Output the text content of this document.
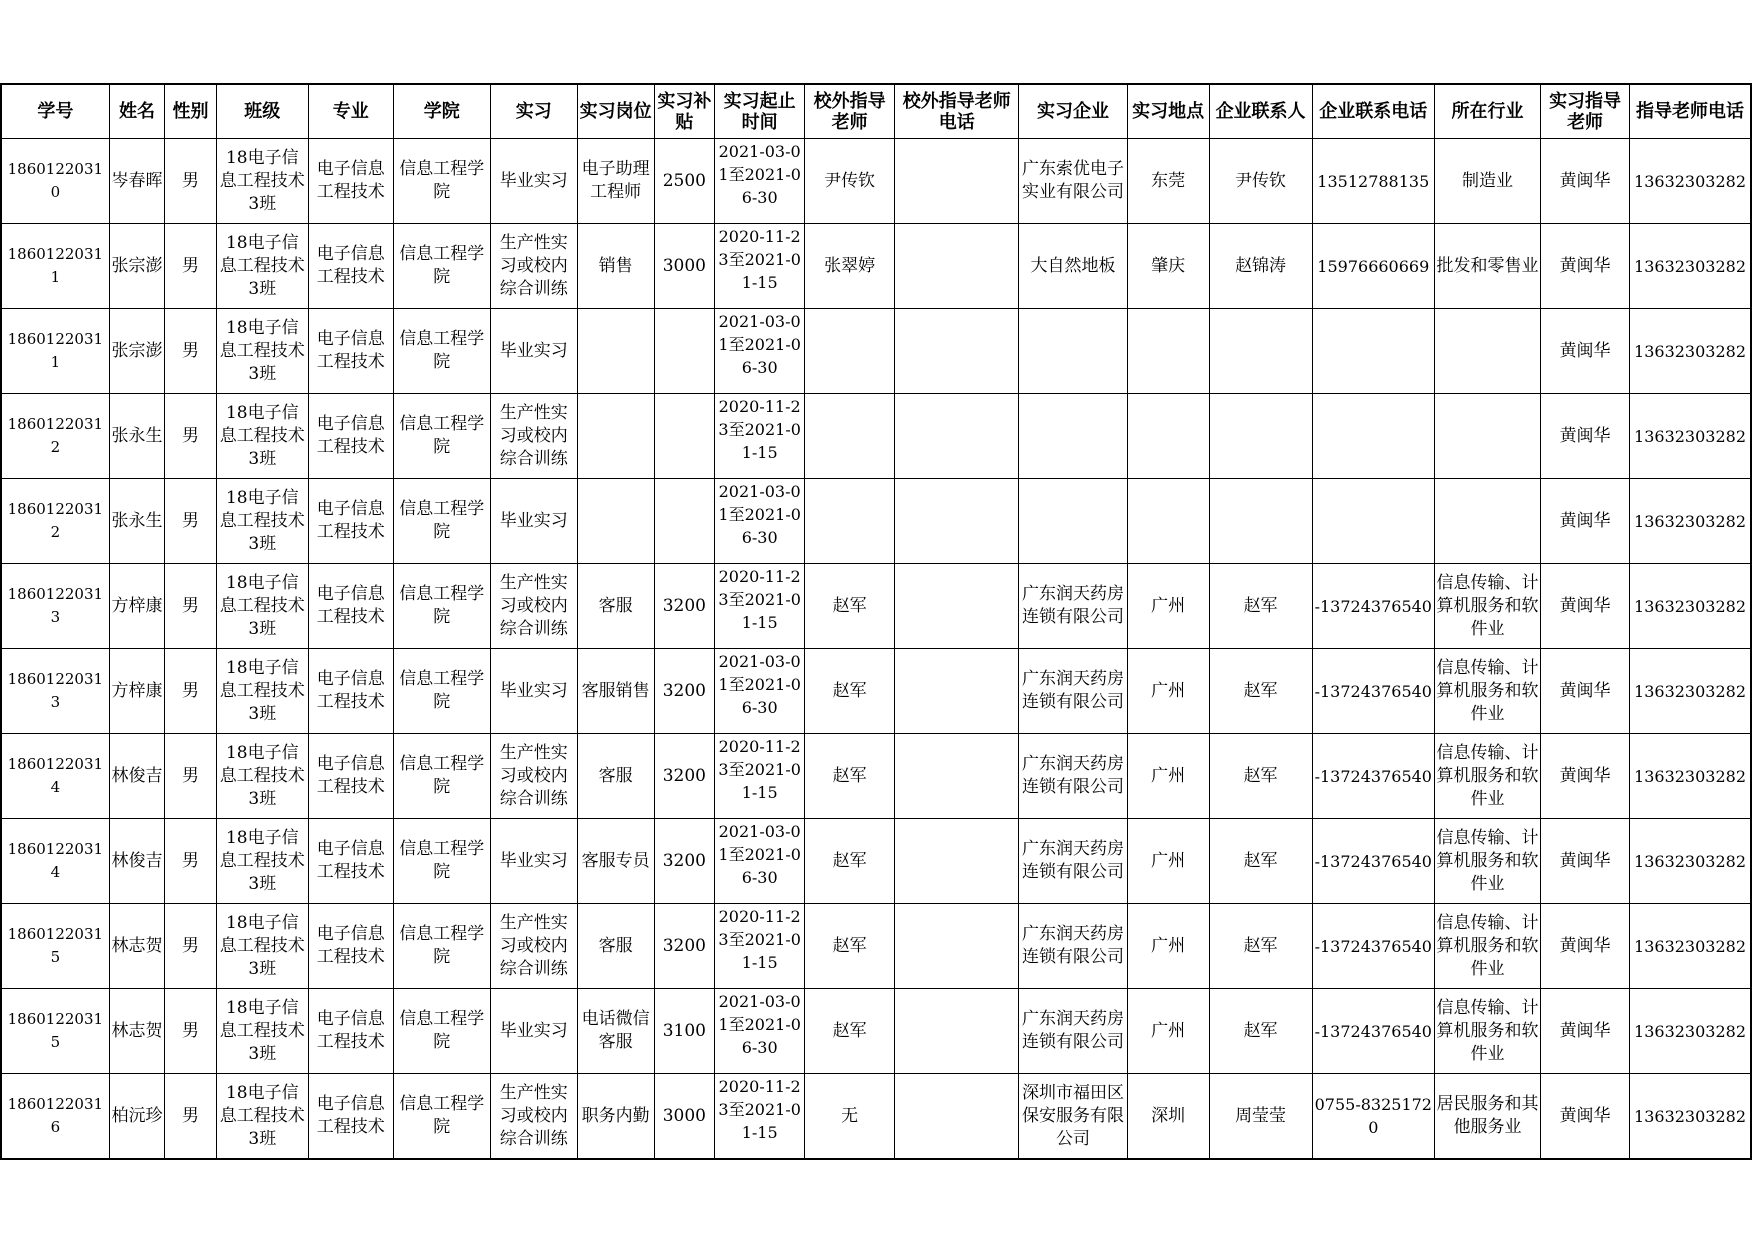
学号	姓名	性别	班级	专业	学院	实习	实习岗位	实习补贴	实习起止时间	校外指导老师	校外指导老师电话	实习企业	实习地点	企业联系人	企业联系电话	所在行业	实习指导老师	指导老师电话
18601220310	岑春晖	男	18电子信息工程技术3班	电子信息工程技术	信息工程学院	毕业实习	电子助理工程师	2500	2021-03-01至2021-06-30	尹传钦		广东索优电子实业有限公司	东莞	尹传钦	13512788135	制造业	黄闽华	13632303282
18601220311	张宗澎	男	18电子信息工程技术3班	电子信息工程技术	信息工程学院	生产性实习或校内综合训练	销售	3000	2020-11-23至2021-01-15	张翠婷		大自然地板	肇庆	赵锦涛	15976660669	批发和零售业	黄闽华	13632303282
18601220311	张宗澎	男	18电子信息工程技术3班	电子信息工程技术	信息工程学院	毕业实习			2021-03-01至2021-06-30								黄闽华	13632303282
18601220312	张永生	男	18电子信息工程技术3班	电子信息工程技术	信息工程学院	生产性实习或校内综合训练			2020-11-23至2021-01-15								黄闽华	13632303282
18601220312	张永生	男	18电子信息工程技术3班	电子信息工程技术	信息工程学院	毕业实习			2021-03-01至2021-06-30								黄闽华	13632303282
18601220313	方梓康	男	18电子信息工程技术3班	电子信息工程技术	信息工程学院	生产性实习或校内综合训练	客服	3200	2020-11-23至2021-01-15	赵军		广东润天药房连锁有限公司	广州	赵军	-13724376540	信息传输、计算机服务和软件业	黄闽华	13632303282
18601220313	方梓康	男	18电子信息工程技术3班	电子信息工程技术	信息工程学院	毕业实习	客服销售	3200	2021-03-01至2021-06-30	赵军		广东润天药房连锁有限公司	广州	赵军	-13724376540	信息传输、计算机服务和软件业	黄闽华	13632303282
18601220314	林俊吉	男	18电子信息工程技术3班	电子信息工程技术	信息工程学院	生产性实习或校内综合训练	客服	3200	2020-11-23至2021-01-15	赵军		广东润天药房连锁有限公司	广州	赵军	-13724376540	信息传输、计算机服务和软件业	黄闽华	13632303282
18601220314	林俊吉	男	18电子信息工程技术3班	电子信息工程技术	信息工程学院	毕业实习	客服专员	3200	2021-03-01至2021-06-30	赵军		广东润天药房连锁有限公司	广州	赵军	-13724376540	信息传输、计算机服务和软件业	黄闽华	13632303282
18601220315	林志贺	男	18电子信息工程技术3班	电子信息工程技术	信息工程学院	生产性实习或校内综合训练	客服	3200	2020-11-23至2021-01-15	赵军		广东润天药房连锁有限公司	广州	赵军	-13724376540	信息传输、计算机服务和软件业	黄闽华	13632303282
18601220315	林志贺	男	18电子信息工程技术3班	电子信息工程技术	信息工程学院	毕业实习	电话微信客服	3100	2021-03-01至2021-06-30	赵军		广东润天药房连锁有限公司	广州	赵军	-13724376540	信息传输、计算机服务和软件业	黄闽华	13632303282
18601220316	柏沅珍	男	18电子信息工程技术3班	电子信息工程技术	信息工程学院	生产性实习或校内综合训练	职务内勤	3000	2020-11-23至2021-01-15	无		深圳市福田区保安服务有限公司	深圳	周莹莹	0755-83251720	居民服务和其他服务业	黄闽华	13632303282
